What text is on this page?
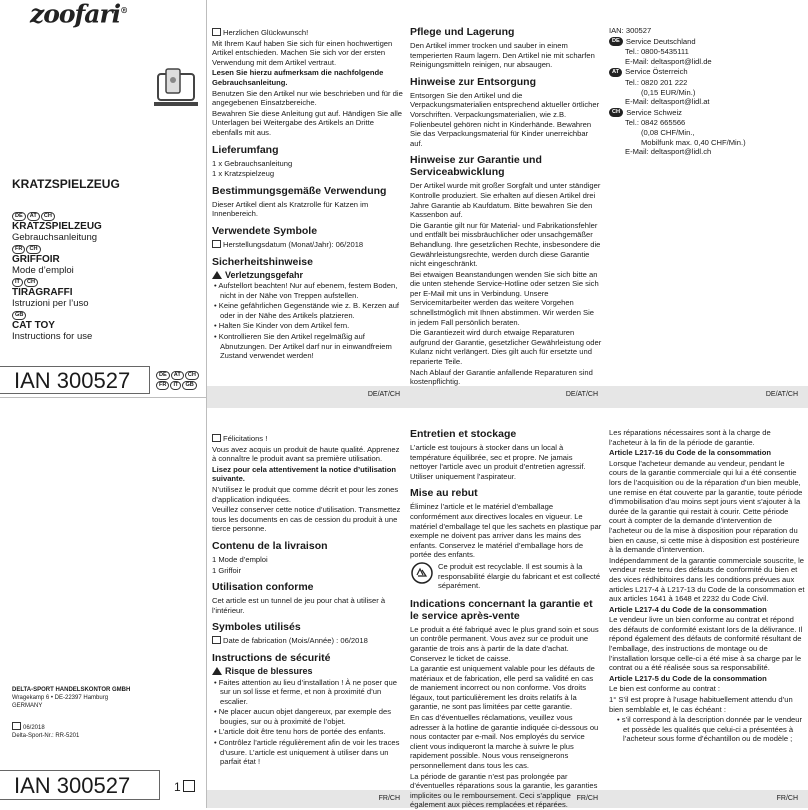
zoofari®
KRATZSPIELZEUG
DE AT CH
KRATZSPIELZEUG
Gebrauchsanleitung
FR CH
GRIFFOIR
Mode d’emploi
IT CH
TIRAGRAFFI
Istruzioni per l’uso
GB
CAT TOY
Instructions for use
IAN 300527	DE AT CH
FR IT GB
DELTA-SPORT HANDELSKONTOR GMBH
Wragekamp 6 • DE-22397 Hamburg
GERMANY
06/2018
Delta-Sport-Nr.: RR-5201
IAN 300527	1

Herzlichen Glückwunsch!

Mit Ihrem Kauf haben Sie sich für einen hochwertigen Artikel entschieden. Machen Sie sich vor der ersten Verwendung mit dem Artikel vertraut.

Lesen Sie hierzu aufmerksam die nachfolgende Gebrauchsanleitung.

Benutzen Sie den Artikel nur wie beschrieben und für die angegebenen Einsatzbereiche.

Bewahren Sie diese Anleitung gut auf. Händigen Sie alle Unterlagen bei Weitergabe des Artikels an Dritte ebenfalls mit aus.

Lieferumfang

1 x Gebrauchsanleitung

1 x Kratzspielzeug

Bestimmungsgemäße Verwendung

Dieser Artikel dient als Kratzrolle für Katzen im Innenbereich.

Verwendete Symbole

Herstellungsdatum (Monat/Jahr): 06/2018

Sicherheitshinweise

Verletzungsgefahr

• Aufstellort beachten! Nur auf ebenem, festem Boden, nicht in der Nähe von Treppen aufstellen.

• Keine gefährlichen Gegenstände wie z. B. Kerzen auf oder in der Nähe des Artikels platzieren.

• Halten Sie Kinder von dem Artikel fern.

• Kontrollieren Sie den Artikel regelmäßig auf Abnutzungen. Der Artikel darf nur in einwandfreiem Zustand verwendet werden!

DE/AT/CH
Pflege und Lagerung

Den Artikel immer trocken und sauber in einem temperierten Raum lagern. Den Artikel nie mit scharfen Reinigungsmitteln reinigen, nur absaugen.

Hinweise zur Entsorgung

Entsorgen Sie den Artikel und die Verpackungsmaterialien entsprechend aktueller örtlicher Vorschriften. Verpackungsmaterialien, wie z.B. Folienbeutel gehören nicht in Kinderhände. Bewahren Sie das Verpackungsmaterial für Kinder unerreichbar auf.

Hinweise zur Garantie und Serviceabwicklung

Der Artikel wurde mit großer Sorgfalt und unter ständiger Kontrolle produziert. Sie erhalten auf diesen Artikel drei Jahre Garantie ab Kaufdatum. Bitte bewahren Sie den Kassenbon auf.

Die Garantie gilt nur für Material- und Fabrikationsfehler und entfällt bei missbräuchlicher oder unsachgemäßer Behandlung. Ihre gesetzlichen Rechte, insbesondere die Gewährleistungsrechte, werden durch diese Garantie nicht eingeschränkt.

Bei etwaigen Beanstandungen wenden Sie sich bitte an die unten stehende Service-Hotline oder setzen Sie sich per E-Mail mit uns in Verbindung. Unsere Servicemitarbeiter werden das weitere Vorgehen schnellstmöglich mit Ihnen abstimmen. Wir werden Sie in jedem Fall persönlich beraten.

Die Garantiezeit wird durch etwaige Reparaturen aufgrund der Garantie, gesetzlicher Gewährleistung oder Kulanz nicht verlängert. Dies gilt auch für ersetzte und reparierte Teile.

Nach Ablauf der Garantie anfallende Reparaturen sind kostenpflichtig.

DE/AT/CH

IAN: 300527

DE Service Deutschland

Tel.:	0800-5435111

E-Mail: deltasport@lidl.de

AT Service Österreich

Tel.:	0820 201 222
	(0,15 EUR/Min.)

E-Mail: deltasport@lidl.at

CH Service Schweiz

Tel.:	0842 665566
	(0,08 CHF/Min.,
	Mobilfunk max. 0,40 CHF/Min.)

E-Mail: deltasport@lidl.ch

DE/AT/CH

Félicitations !

Vous avez acquis un produit de haute qualité. Apprenez à connaître le produit avant sa première utilisation.

Lisez pour cela attentivement la notice d’utilisation suivante.

N’utilisez le produit que comme décrit et pour les zones d’application indiquées.

Veuillez conserver cette notice d’utilisation. Transmettez tous les documents en cas de cession du produit à une tierce personne.

Contenu de la livraison

1 Mode d’emploi

1 Griffoir

Utilisation conforme

Cet article est un tunnel de jeu pour chat à utiliser à l’intérieur.

Symboles utilisés

Date de fabrication (Mois/Année) : 06/2018

Instructions de sécurité

Risque de blessures

• Faites attention au lieu d’installation ! À ne poser que sur un sol lisse et ferme, et non à proximité d’un escalier.

• Ne placer aucun objet dangereux, par exemple des bougies, sur ou à proximité de l’objet.

• L’article doit être tenu hors de portée des enfants.

• Contrôlez l’article régulièrement afin de voir les traces d’usure. L’article est uniquement à utiliser dans un parfait état !

Entretien et stockage

L’article est toujours à stocker dans un local à température équilibrée, sec et propre. Ne jamais nettoyer l’article avec un produit d’entretien agressif. Utiliser uniquement l’aspirateur.

Mise au rebut

Éliminez l’article et le matériel d’emballage conformément aux directives locales en vigueur. Le matériel d’emballage tel que les sachets en plastique par exemple ne doivent pas arriver dans les mains des enfants. Conservez le matériel d’emballage hors de portée des enfants.

Ce produit est recyclable. Il est soumis à la responsabilité élargie du fabricant et est collecté séparément.

Indications concernant la garantie et le service après-vente

Le produit a été fabriqué avec le plus grand soin et sous un contrôle permanent. Vous avez sur ce produit une garantie de trois ans à partir de la date d’achat. Conservez le ticket de caisse.

La garantie est uniquement valable pour les défauts de matériaux et de fabrication, elle perd sa validité en cas de maniement incorrect ou non conforme. Vos droits légaux, tout particulièrement les droits relatifs à la garantie, ne sont pas limitées par cette garantie.

En cas d’éventuelles réclamations, veuillez vous adresser à la hotline de garantie indiquée ci-dessous ou nous contacter par e-mail. Nos employés du service client vous indiqueront la marche à suivre le plus rapidement possible. Nous vous renseignerons personnellement dans tous les cas.

La période de garantie n’est pas prolongée par d’éventuelles réparations sous la garantie, les garanties implicites ou le remboursement. Ceci s’applique également aux pièces remplacées et réparées.

FR/CH	FR/CH

Les réparations nécessaires sont à la charge de l’acheteur à la fin de la période de garantie.

Article L217-16 du Code de la consommation

Lorsque l’acheteur demande au vendeur, pendant le cours de la garantie commerciale qui lui a été consentie lors de l’acquisition ou de la réparation d’un bien meuble, une remise en état couverte par la garantie, toute période d’immobilisation d’au moins sept jours vient s’ajouter à la durée de la garantie qui restait à courir. Cette période court à compter de la demande d’intervention de l’acheteur ou de la mise à disposition pour réparation du bien en cause, si cette mise à disposition est postérieure à la demande d’intervention.

Indépendamment de la garantie commerciale souscrite, le vendeur reste tenu des défauts de conformité du bien et des vices rédhibitoires dans les conditions prévues aux articles L217-4 à L217-13 du Code de la consommation et aux articles 1641 à 1648 et 2232 du Code Civil.

Article L217-4 du Code de la consommation

Le vendeur livre un bien conforme au contrat et répond des défauts de conformité existant lors de la délivrance. Il répond également des défauts de conformité résultant de l’emballage, des instructions de montage ou de l’installation lorsque celle-ci a été mise à sa charge par le contrat ou a été réalisée sous sa responsabilité.

Article L217-5 du Code de la consommation

Le bien est conforme au contrat :

1° S’il est propre à l’usage habituellement attendu d’un bien semblable et, le cas échéant :

• s’il correspond à la description donnée par le vendeur et possède les qualités que celui-ci a présentées à l’acheteur sous forme d’échantillon ou de modèle ;

FR/CH
